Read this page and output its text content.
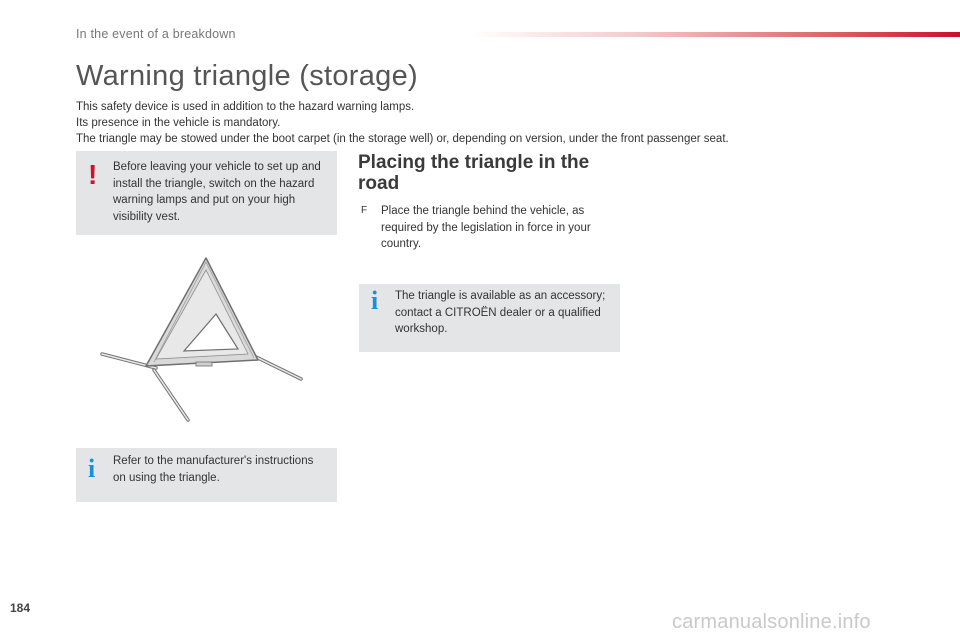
In the event of a breakdown
Warning triangle (storage)

This safety device is used in addition to the hazard warning lamps.

Its presence in the vehicle is mandatory.

The triangle may be stowed under the boot carpet (in the storage well) or, depending on version, under the front passenger seat.

! Before leaving your vehicle to set up and install the triangle, switch on the hazard warning lamps and put on your high visibility vest.
i Refer to the manufacturer's instructions on using the triangle.
Placing the triangle in the road
F Place the triangle behind the vehicle, as required by the legislation in force in your country.
i The triangle is available as an accessory; contact a CITROËN dealer or a qualified workshop.
184
carmanualsonline.info
